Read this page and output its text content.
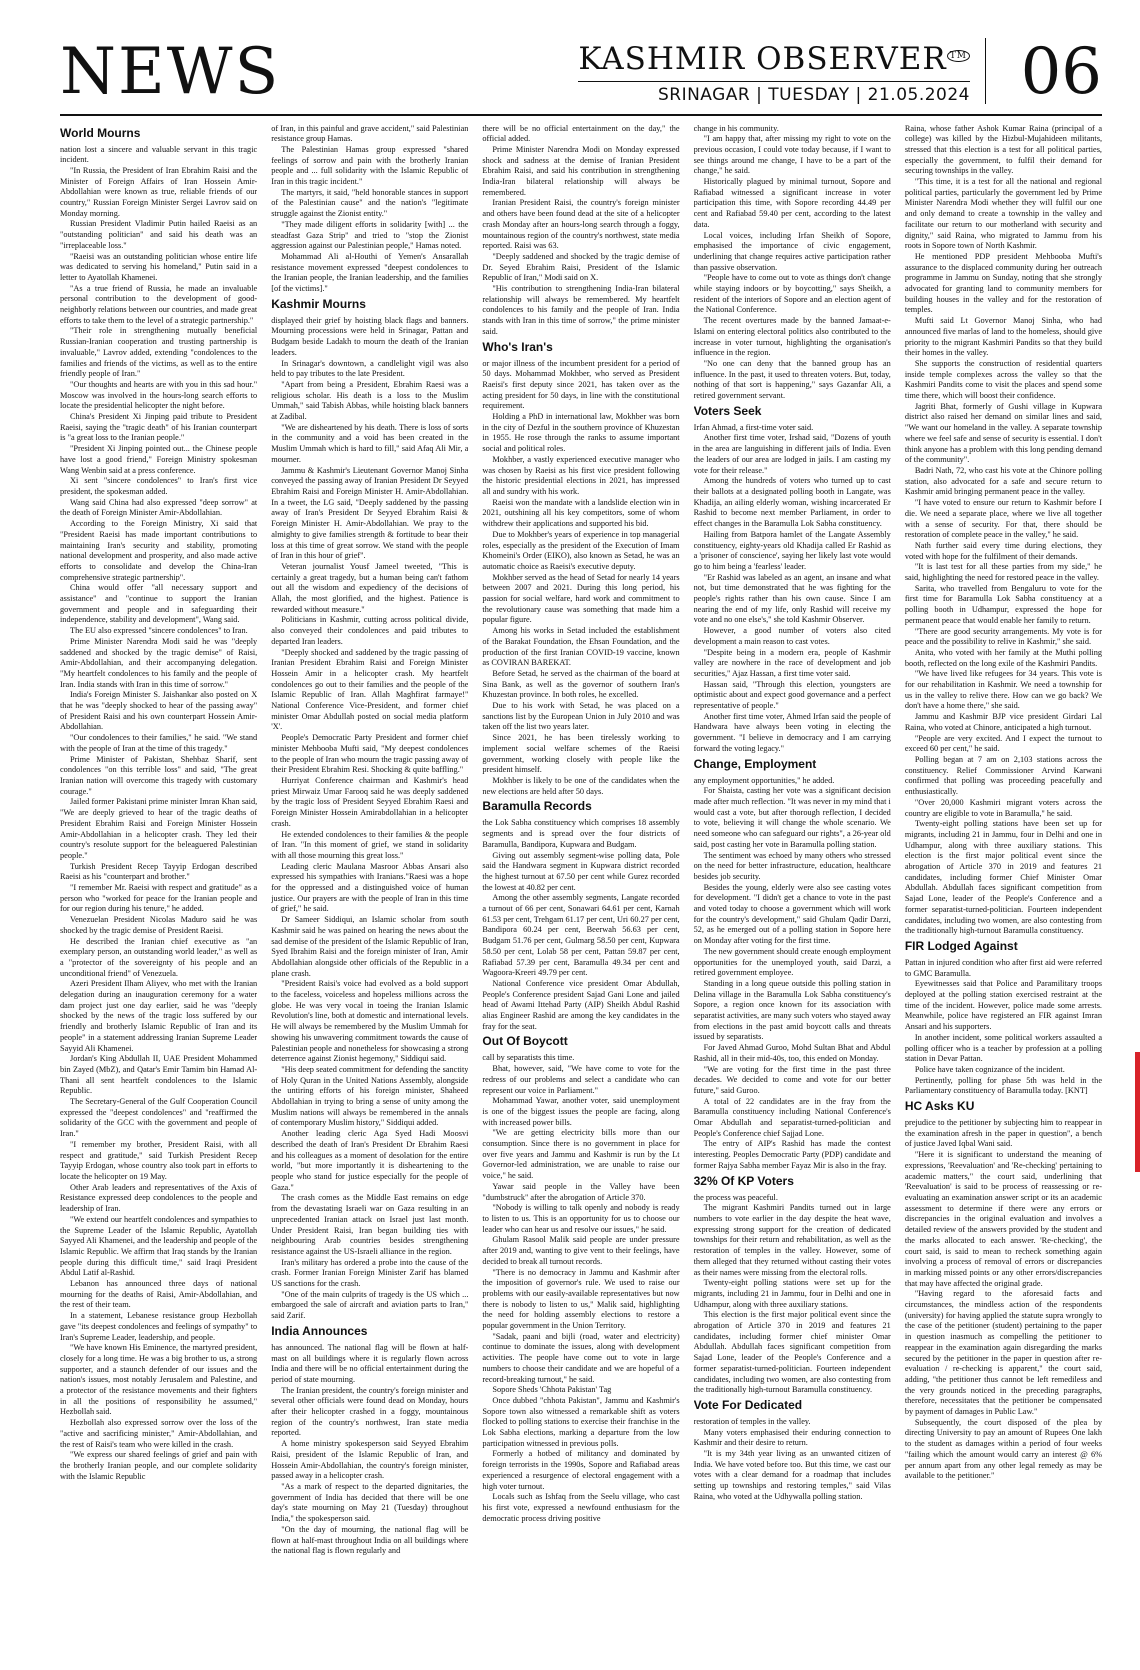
NEWS	KASHMIR OBSERVER ™
SRINAGAR | TUESDAY | 21.05.2024 06
World Mourns

nation lost a sincere and valuable servant in this tragic incident.

"In Russia, the President of Iran Ebrahim Raisi and the Minister of Foreign Affairs of Iran Hossein Amir-Abdollahian were known as true, reliable friends of our country," Russian Foreign Minister Sergei Lavrov said on Monday morning.

Russian President Vladimir Putin hailed Raeisi as an "outstanding politician" and said his death was an "irreplaceable loss."

"Raeisi was an outstanding politician whose entire life was dedicated to serving his homeland," Putin said in a letter to Ayatollah Khamenei.

"As a true friend of Russia, he made an invaluable personal contribution to the development of good-neighborly relations between our countries, and made great efforts to take them to the level of a strategic partnership."

"Their role in strengthening mutually beneficial Russian-Iranian cooperation and trusting partnership is invaluable," Lavrov added, extending "condolences to the families and friends of the victims, as well as to the entire friendly people of Iran."

"Our thoughts and hearts are with you in this sad hour." Moscow was involved in the hours-long search efforts to locate the presidential helicopter the night before.

China's President Xi Jinping paid tribute to President Raeisi, saying the "tragic death" of his Iranian counterpart is "a great loss to the Iranian people."

"President Xi Jinping pointed out... the Chinese people have lost a good friend," Foreign Ministry spokesman Wang Wenbin said at a press conference.

Xi sent "sincere condolences" to Iran's first vice president, the spokesman added.

Wang said China had also expressed "deep sorrow" at the death of Foreign Minister Amir-Abdollahian.

According to the Foreign Ministry, Xi said that "President Raeisi has made important contributions to maintaining Iran's security and stability, promoting national development and prosperity, and also made active efforts to consolidate and develop the China-Iran comprehensive strategic partnership".

China would offer "all necessary support and assistance" and "continue to support the Iranian government and people and in safeguarding their independence, stability and development", Wang said.

The EU also expressed "sincere condolences" to Iran.

Prime Minister Narendra Modi said he was "deeply saddened and shocked by the tragic demise" of Raisi, Amir-Abdollahian, and their accompanying delegation. "My heartfelt condolences to his family and the people of Iran. India stands with Iran in this time of sorrow."

India's Foreign Minister S. Jaishankar also posted on X that he was "deeply shocked to hear of the passing away" of President Raisi and his own counterpart Hossein Amir-Abdollahian.

"Our condolences to their families," he said. "We stand with the people of Iran at the time of this tragedy."

Prime Minister of Pakistan, Shehbaz Sharif, sent condolences "on this terrible loss" and said, "The great Iranian nation will overcome this tragedy with customary courage."

Jailed former Pakistani prime minister Imran Khan said, "We are deeply grieved to hear of the tragic deaths of President Ebrahim Raisi and Foreign Minister Hossein Amir-Abdollahian in a helicopter crash. They led their country's resolute support for the beleaguered Palestinian people."

Turkish President Recep Tayyip Erdogan described Raeisi as his "counterpart and brother."

"I remember Mr. Raeisi with respect and gratitude" as a person who "worked for peace for the Iranian people and for our region during his tenure," he added.

Venezuelan President Nicolas Maduro said he was shocked by the tragic demise of President Raeisi.

He described the Iranian chief executive as "an exemplary person, an outstanding world leader," as well as a "protector of the sovereignty of his people and an unconditional friend" of Venezuela.

Azeri President Ilham Aliyev, who met with the Iranian delegation during an inauguration ceremony for a water dam project just one day earlier, said he was "deeply shocked by the news of the tragic loss suffered by our friendly and brotherly Islamic Republic of Iran and its people" in a statement addressing Iranian Supreme Leader Sayyid Ali Khamenei.

Jordan's King Abdullah II, UAE President Mohammed bin Zayed (MbZ), and Qatar's Emir Tamim bin Hamad Al-Thani all sent heartfelt condolences to the Islamic Republic.

The Secretary-General of the Gulf Cooperation Council expressed the "deepest condolences" and "reaffirmed the solidarity of the GCC with the government and people of Iran."

"I remember my brother, President Raisi, with all respect and gratitude," said Turkish President Recep Tayyip Erdogan, whose country also took part in efforts to locate the helicopter on 19 May.

Other Arab leaders and representatives of the Axis of Resistance expressed deep condolences to the people and leadership of Iran.

"We extend our heartfelt condolences and sympathies to the Supreme Leader of the Islamic Republic, Ayatollah Sayyed Ali Khamenei, and the leadership and people of the Islamic Republic. We affirm that Iraq stands by the Iranian people during this difficult time," said Iraqi President Abdul Latif al-Rashid.

Lebanon has announced three days of national mourning for the deaths of Raisi, Amir-Abdollahian, and the rest of their team.

In a statement, Lebanese resistance group Hezbollah gave "its deepest condolences and feelings of sympathy" to Iran's Supreme Leader, leadership, and people.

"We have known His Eminence, the martyred president, closely for a long time. He was a big brother to us, a strong supporter, and a staunch defender of our issues and the nation's issues, most notably Jerusalem and Palestine, and a protector of the resistance movements and their fighters in all the positions of responsibility he assumed," Hezbollah said.

Hezbollah also expressed sorrow over the loss of the "active and sacrificing minister," Amir-Abdollahian, and the rest of Raisi's team who were killed in the crash.

"We express our shared feelings of grief and pain with the brotherly Iranian people, and our complete solidarity with the Islamic Republic

of Iran, in this painful and grave accident," said Palestinian resistance group Hamas.

The Palestinian Hamas group expressed "shared feelings of sorrow and pain with the brotherly Iranian people and ... full solidarity with the Islamic Republic of Iran in this tragic incident."

The martyrs, it said, "held honorable stances in support of the Palestinian cause" and the nation's "legitimate struggle against the Zionist entity."

"They made diligent efforts in solidarity [with] ... the steadfast Gaza Strip" and tried to "stop the Zionist aggression against our Palestinian people," Hamas noted.

Mohammad Ali al-Houthi of Yemen's Ansarallah resistance movement expressed "deepest condolences to the Iranian people, the Iranian leadership, and the families [of the victims]."

Kashmir Mourns

displayed their grief by hoisting black flags and banners. Mourning processions were held in Srinagar, Pattan and Budgam beside Ladakh to mourn the death of the Iranian leaders.

In Srinagar's downtown, a candlelight vigil was also held to pay tributes to the late President.

"Apart from being a President, Ebrahim Raesi was a religious scholar. His death is a loss to the Muslim Ummah," said Tabish Abbas, while hoisting black banners at Zadibal.

"We are disheartened by his death. There is loss of sorts in the community and a void has been created in the Muslim Ummah which is hard to fill," said Afaq Ali Mir, a mourner.

Jammu & Kashmir's Lieutenant Governor Manoj Sinha conveyed the passing away of Iranian President Dr Seyyed Ebrahim Raisi and Foreign Minister H. Amir-Abdollahian. In a tweet, the LG said, "Deeply saddened by the passing away of Iran's President Dr Seyyed Ebrahim Raisi & Foreign Minister H. Amir-Abdollahian. We pray to the almighty to give families strength & fortitude to bear their loss at this time of great sorrow. We stand with the people of Iran in this hour of grief".

Veteran journalist Yousf Jameel tweeted, "This is certainly a great tragedy, but a human being can't fathom out all the wisdom and expediency of the decisions of Allah, the most glorified, and the highest. Patience is rewarded without measure."

Politicians in Kashmir, cutting across political divide, also conveyed their condolences and paid tributes to departed Iran leaders.

"Deeply shocked and saddened by the tragic passing of Iranian President Ebrahim Raisi and Foreign Minister Hossein Amir in a helicopter crash. My heartfelt condolences go out to their families and the people of the Islamic Republic of Iran. Allah Maghfirat farmaye!" National Conference Vice-President, and former chief minister Omar Abdullah posted on social media platform 'X'.

People's Democratic Party President and former chief minister Mehbooba Mufti said, "My deepest condolences to the people of Iran who mourn the tragic passing away of their President Ebrahim Resi. Shocking & quite baffling."

Hurriyat Conference chairman and Kashmir's head priest Mirwaiz Umar Farooq said he was deeply saddened by the tragic loss of President Seyyed Ebrahim Raesi and Foreign Minister Hossein Amirabdollahian in a helicopter crash.

He extended condolences to their families & the people of Iran. "In this moment of grief, we stand in solidarity with all those mourning this great loss."

Leading cleric Maulana Masroor Abbas Ansari also expressed his sympathies with Iranians."Raesi was a hope for the oppressed and a distinguished voice of human justice. Our prayers are with the people of Iran in this time of grief," he said.

Dr Sameer Siddiqui, an Islamic scholar from south Kashmir said he was pained on hearing the news about the sad demise of the president of the Islamic Republic of Iran, Syed Ibrahim Raisi and the foreign minister of Iran, Amir Abdollahian alongside other officials of the Republic in a plane crash.

"President Raisi's voice had evolved as a bold support to the faceless, voiceless and hopeless millions across the globe. He was very vocal in toeing the Iranian Islamic Revolution's line, both at domestic and international levels. He will always be remembered by the Muslim Ummah for showing his unwavering commitment towards the cause of Palestinian people and nonetheless for showcasing a strong deterrence against Zionist hegemony," Siddiqui said.

"His deep seated commitment for defending the sanctity of Holy Quran in the United Nations Assembly, alongside the untiring efforts of his foreign minister, Shaheed Abdollahian in trying to bring a sense of unity among the Muslim nations will always be remembered in the annals of contemporary Muslim history," Siddiqui added.

Another leading cleric Aga Syed Hadi Moosvi described the death of Iran's President Dr Ebrahim Raesi and his colleagues as a moment of desolation for the entire world, "but more importantly it is disheartening to the people who stand for justice especially for the people of Gaza."

The crash comes as the Middle East remains on edge from the devastating Israeli war on Gaza resulting in an unprecedented Iranian attack on Israel just last month. Under President Raisi, Iran began building ties with neighbouring Arab countries besides strengthening resistance against the US-Israeli alliance in the region.

Iran's military has ordered a probe into the cause of the crash. Former Iranian Foreign Minister Zarif has blamed US sanctions for the crash.

"One of the main culprits of tragedy is the US which ... embargoed the sale of aircraft and aviation parts to Iran," said Zarif.

India Announces

has announced. The national flag will be flown at half-mast on all buildings where it is regularly flown across India and there will be no official entertainment during the period of state mourning.

The Iranian president, the country's foreign minister and several other officials were found dead on Monday, hours after their helicopter crashed in a foggy, mountainous region of the country's northwest, Iran state media reported.

A home ministry spokesperson said Seyyed Ebrahim Raisi, president of the Islamic Republic of Iran, and Hossein Amir-Abdollahian, the country's foreign minister, passed away in a helicopter crash.

"As a mark of respect to the departed dignitaries, the government of India has decided that there will be one day's state mourning on May 21 (Tuesday) throughout India," the spokesperson said.

"On the day of mourning, the national flag will be flown at half-mast throughout India on all buildings where the national flag is flown regularly and

there will be no official entertainment on the day," the official added.

Prime Minister Narendra Modi on Monday expressed shock and sadness at the demise of Iranian President Ebrahim Raisi, and said his contribution in strengthening India-Iran bilateral relationship will always be remembered.

Iranian President Raisi, the country's foreign minister and others have been found dead at the site of a helicopter crash Monday after an hours-long search through a foggy, mountainous region of the country's northwest, state media reported. Raisi was 63.

"Deeply saddened and shocked by the tragic demise of Dr. Seyed Ebrahim Raisi, President of the Islamic Republic of Iran," Modi said on X.

"His contribution to strengthening India-Iran bilateral relationship will always be remembered. My heartfelt condolences to his family and the people of Iran. India stands with Iran in this time of sorrow," the prime minister said.

Who's Iran's

or major illness of the incumbent president for a period of 50 days. Mohammad Mokhber, who served as President Raeisi's first deputy since 2021, has taken over as the acting president for 50 days, in line with the constitutional requirement.

Holding a PhD in international law, Mokhber was born in the city of Dezful in the southern province of Khuzestan in 1955. He rose through the ranks to assume important social and political roles.

Mokhber, a vastly experienced executive manager who was chosen by Raeisi as his first vice president following the historic presidential elections in 2021, has impressed all and sundry with his work.

Raeisi won the mandate with a landslide election win in 2021, outshining all his key competitors, some of whom withdrew their applications and supported his bid.

Due to Mokhber's years of experience in top managerial roles, especially as the president of the Execution of Imam Khomeini's Order (EIKO), also known as Setad, he was an automatic choice as Raeisi's executive deputy.

Mokhber served as the head of Setad for nearly 14 years between 2007 and 2021. During this long period, his passion for social welfare, hard work and commitment to the revolutionary cause was something that made him a popular figure.

Among his works in Setad included the establishment of the Barakat Foundation, the Ehsan Foundation, and the production of the first Iranian COVID-19 vaccine, known as COVIRAN BAREKAT.

Before Setad, he served as the chairman of the board at Sina Bank, as well as the governor of southern Iran's Khuzestan province. In both roles, he excelled.

Due to his work with Setad, he was placed on a sanctions list by the European Union in July 2010 and was taken off the list two years later.

Since 2021, he has been tirelessly working to implement social welfare schemes of the Raeisi government, working closely with people like the president himself.

Mokhber is likely to be one of the candidates when the new elections are held after 50 days.

Baramulla Records

the Lok Sabha constituency which comprises 18 assembly segments and is spread over the four districts of Baramulla, Bandipora, Kupwara and Budgam.

Giving out assembly segment-wise polling data, Pole said the Handwara segment in Kupwara district recorded the highest turnout at 67.50 per cent while Gurez recorded the lowest at 40.82 per cent.

Among the other assembly segments, Langate recorded a turnout of 66 per cent, Sonawari 64.61 per cent, Karnah 61.53 per cent, Trehgam 61.17 per cent, Uri 60.27 per cent, Bandipora 60.24 per cent, Beerwah 56.63 per cent, Budgam 51.76 per cent, Gulmarg 58.50 per cent, Kupwara 58.50 per cent, Lolab 58 per cent, Pattan 59.87 per cent, Rafiabad 57.39 per cent, Baramulla 49.34 per cent and Wagoora-Kreeri 49.79 per cent.

National Conference vice president Omar Abdullah, People's Conference president Sajad Gani Lone and jailed head of Awami Ittehad Party (AIP) Sheikh Abdul Rashid alias Engineer Rashid are among the key candidates in the fray for the seat.

Out Of Boycott

call by separatists this time.

Bhat, however, said, "We have come to vote for the redress of our problems and select a candidate who can represent our voice in Parliament."

Mohammad Yawar, another voter, said unemployment is one of the biggest issues the people are facing, along with increased power bills.

"We are getting electricity bills more than our consumption. Since there is no government in place for over five years and Jammu and Kashmir is run by the Lt Governor-led administration, we are unable to raise our voice," he said.

Yawar said people in the Valley have been "dumbstruck" after the abrogation of Article 370.

"Nobody is willing to talk openly and nobody is ready to listen to us. This is an opportunity for us to choose our leader who can hear us and resolve our issues," he said.

Ghulam Rasool Malik said people are under pressure after 2019 and, wanting to give vent to their feelings, have decided to break all turnout records.

"There is no democracy in Jammu and Kashmir after the imposition of governor's rule. We used to raise our problems with our easily-available representatives but now there is nobody to listen to us," Malik said, highlighting the need for holding assembly elections to restore a popular government in the Union Territory.

"Sadak, paani and bijli (road, water and electricity) continue to dominate the issues, along with development activities. The people have come out to vote in large numbers to choose their candidate and we are hopeful of a record-breaking turnout," he said.

Sopore Sheds 'Chhota Pakistan' Tag

Once dubbed "chhota Pakistan", Jammu and Kashmir's Sopore town also witnessed a remarkable shift as voters flocked to polling stations to exercise their franchise in the Lok Sabha elections, marking a departure from the low participation witnessed in previous polls.

Formerly a hotbed of militancy and dominated by foreign terrorists in the 1990s, Sopore and Rafiabad areas experienced a resurgence of electoral engagement with a high voter turnout.

Locals such as Ishfaq from the Seelu village, who cast his first vote, expressed a newfound enthusiasm for the democratic process driving positive

change in his community.

"I am happy that, after missing my right to vote on the previous occasion, I could vote today because, if I want to see things around me change, I have to be a part of the change," he said.

Historically plagued by minimal turnout, Sopore and Rafiabad witnessed a significant increase in voter participation this time, with Sopore recording 44.49 per cent and Rafiabad 59.40 per cent, according to the latest data.

Local voices, including Irfan Sheikh of Sopore, emphasised the importance of civic engagement, underlining that change requires active participation rather than passive observation.

"People have to come out to vote as things don't change while staying indoors or by boycotting," says Sheikh, a resident of the interiors of Sopore and an election agent of the National Conference.

The recent overtures made by the banned Jamaat-e-Islami on entering electoral politics also contributed to the increase in voter turnout, highlighting the organisation's influence in the region.

"No one can deny that the banned group has an influence. In the past, it used to threaten voters. But, today, nothing of that sort is happening," says Gazanfar Ali, a retired government servant.

Voters Seek

Irfan Ahmad, a first-time voter said.

Another first time voter, Irshad said, "Dozens of youth in the area are languishing in different jails of India. Even the leaders of our area are lodged in jails. I am casting my vote for their release."

Among the hundreds of voters who turned up to cast their ballots at a designated polling booth in Langate, was Khadija, an ailing elderly woman, wishing incarcerated Er Rashid to become next member Parliament, in order to effect changes in the Baramulla Lok Sabha constituency.

Hailing from Batpora hamlet of the Langate Assembly constituency, eighty-years old Khadija called Er Rashid as a 'prisoner of conscience', saying her likely last vote would go to him being a 'fearless' leader.

"Er Rashid was labeled as an agent, an insane and what not, but time demonstrated that he was fighting for the people's rights rather than his own cause. Since I am nearing the end of my life, only Rashid will receive my vote and no one else's," she told Kashmir Observer.

However, a good number of voters also cited development a main reason to cast votes.

"Despite being in a modern era, people of Kashmir valley are nowhere in the race of development and job securities," Ajaz Hassan, a first time voter said.

Hassan said, "Through this election, youngsters are optimistic about and expect good governance and a perfect representative of people."

Another first time voter, Ahmed Irfan said the people of Handwara have always been voting in electing the government. "I believe in democracy and I am carrying forward the voting legacy."

Change, Employment

any employment opportunities," he added.

For Shaista, casting her vote was a significant decision made after much reflection. "It was never in my mind that i would cast a vote, but after thorough reflection, I decided to vote, believing it will change the whole scenario. We need someone who can safeguard our rights", a 26-year old said, post casting her vote in Baramulla polling station.

The sentiment was echoed by many others who stressed on the need for better infrastructure, education, healthcare besides job security.

Besides the young, elderly were also see casting votes for development. "I didn't get a chance to vote in the past and voted today to choose a government which will work for the country's development," said Ghulam Qadir Darzi, 52, as he emerged out of a polling station in Sopore here on Monday after voting for the first time.

The new government should create enough employment opportunities for the unemployed youth, said Darzi, a retired government employee.

Standing in a long queue outside this polling station in Delina village in the Baramulla Lok Sabha constituency's Sopore, a region once known for its association with separatist activities, are many such voters who stayed away from elections in the past amid boycott calls and threats issued by separatists.

For Javed Ahmad Guroo, Mohd Sultan Bhat and Abdul Rashid, all in their mid-40s, too, this ended on Monday.

"We are voting for the first time in the past three decades. We decided to come and vote for our better future," said Guroo.

A total of 22 candidates are in the fray from the Baramulla constituency including National Conference's Omar Abdullah and separatist-turned-politician and People's Conference chief Sajjad Lone.

The entry of AIP's Rashid has made the contest interesting. Peoples Democratic Party (PDP) candidate and former Rajya Sabha member Fayaz Mir is also in the fray.

32% Of KP Voters

the process was peaceful.

The migrant Kashmiri Pandits turned out in large numbers to vote earlier in the day despite the heat wave, expressing strong support for the creation of dedicated townships for their return and rehabilitation, as well as the restoration of temples in the valley. However, some of them alleged that they returned without casting their votes as their names were missing from the electoral rolls.

Twenty-eight polling stations were set up for the migrants, including 21 in Jammu, four in Delhi and one in Udhampur, along with three auxiliary stations.

This election is the first major political event since the abrogation of Article 370 in 2019 and features 21 candidates, including former chief minister Omar Abdullah. Abdullah faces significant competition from Sajad Lone, leader of the People's Conference and a former separatist-turned-politician. Fourteen independent candidates, including two women, are also contesting from the traditionally high-turnout Baramulla constituency.

Vote For Dedicated

restoration of temples in the valley.

Many voters emphasised their enduring connection to Kashmir and their desire to return.

"It is my 34th year living as an unwanted citizen of India. We have voted before too. But this time, we cast our votes with a clear demand for a roadmap that includes setting up townships and restoring temples," said Vilas Raina, who voted at the Udhywalla polling station.

Raina, whose father Ashok Kumar Raina (principal of a college) was killed by the Hizbul-Mujahideen militants, stressed that this election is a test for all political parties, especially the government, to fulfil their demand for securing townships in the valley.

"This time, it is a test for all the national and regional political parties, particularly the government led by Prime Minister Narendra Modi whether they will fulfil our one and only demand to create a township in the valley and facilitate our return to our motherland with security and dignity," said Raina, who migrated to Jammu from his roots in Sopore town of North Kashmir.

He mentioned PDP president Mehbooba Mufti's assurance to the displaced community during her outreach programme in Jammu on Sunday, noting that she strongly advocated for granting land to community members for building houses in the valley and for the restoration of temples.

Mufti said Lt Governor Manoj Sinha, who had announced five marlas of land to the homeless, should give priority to the migrant Kashmiri Pandits so that they build their homes in the valley.

She supports the construction of residential quarters inside temple complexes across the valley so that the Kashmiri Pandits come to visit the places and spend some time there, which will boost their confidence.

Jagriti Bhat, formerly of Gushi village in Kupwara district also raised her demand on similar lines and said, "We want our homeland in the valley. A separate township where we feel safe and sense of security is essential. I don't think anyone has a problem with this long pending demand of the community".

Badri Nath, 72, who cast his vote at the Chinore polling station, also advocated for a safe and secure return to Kashmir amid bringing permanent peace in the valley.

"I have voted to ensure our return to Kashmir before I die. We need a separate place, where we live all together with a sense of security. For that, there should be restoration of complete peace in the valley," he said.

Nath further said every time during elections, they voted with hope for the fulfilment of their demands.

"It is last test for all these parties from my side," he said, highlighting the need for restored peace in the valley.

Sarita, who travelled from Bengaluru to vote for the first time for Baramulla Lok Sabha constituency at a polling booth in Udhampur, expressed the hope for permanent peace that would enable her family to return.

"There are good security arrangements. My vote is for peace and the possibility to relive in Kashmir," she said.

Anita, who voted with her family at the Muthi polling booth, reflected on the long exile of the Kashmiri Pandits.

"We have lived like refugees for 34 years. This vote is for our rehabilitation in Kashmir. We need a township for us in the valley to relive there. How can we go back? We don't have a home there," she said.

Jammu and Kashmir BJP vice president Girdari Lal Raina, who voted at Chinore, anticipated a high turnout.

"People are very excited. And I expect the turnout to exceed 60 per cent," he said.

Polling began at 7 am on 2,103 stations across the constituency. Relief Commissioner Arvind Karwani confirmed that polling was proceeding peacefully and enthusiastically.

"Over 20,000 Kashmiri migrant voters across the country are eligible to vote in Baramulla," he said.

Twenty-eight polling stations have been set up for migrants, including 21 in Jammu, four in Delhi and one in Udhampur, along with three auxiliary stations. This election is the first major political event since the abrogation of Article 370 in 2019 and features 21 candidates, including former Chief Minister Omar Abdullah. Abdullah faces significant competition from Sajad Lone, leader of the People's Conference and a former separatist-turned-politician. Fourteen independent candidates, including two women, are also contesting from the traditionally high-turnout Baramulla constituency.

FIR Lodged Against

Pattan in injured condition who after first aid were referred to GMC Baramulla.

Eyewitnesses said that Police and Paramilitary troops deployed at the polling station exercised restraint at the time of the incident. However, police made some arrests. Meanwhile, police have registered an FIR against Imran Ansari and his supporters.

In another incident, some political workers assaulted a polling officer who is a teacher by profession at a polling station in Devar Pattan.

Police have taken cognizance of the incident.

Pertinently, polling for phase 5th was held in the Parliamentary constituency of Baramulla today. [KNT]

HC Asks KU

prejudice to the petitioner by subjecting him to reappear in the examination afresh in the paper in question", a bench of justice Javed Iqbal Wani said.

"Here it is significant to understand the meaning of expressions, 'Reevaluation' and 'Re-checking' pertaining to academic matters," the court said, underlining that 'Reevaluation' is said to be process of reassessing or re-evaluating an examination answer script or its an academic assessment to determine if there were any errors or discrepancies in the original evaluation and involves a detailed review of the answers provided by the student and the marks allocated to each answer. 'Re-checking', the court said, is said to mean to recheck something again involving a process of removal of errors or discrepancies in marking missed points or any other errors/discrepancies that may have affected the original grade.

"Having regard to the aforesaid facts and circumstances, the mindless action of the respondents (university) for having applied the statute supra wrongly to the case of the petitioner (student) pertaining to the paper in question inasmuch as compelling the petitioner to reappear in the examination again disregarding the marks secured by the petitioner in the paper in question after re-evaluation / re-checking is apparent," the court said, adding, "the petitioner thus cannot be left remediless and the very grounds noticed in the preceding paragraphs, therefore, necessitates that the petitioner be compensated by payment of damages in Public Law."

Subsequently, the court disposed of the plea by directing University to pay an amount of Rupees One lakh to the student as damages within a period of four weeks "failing which the amount would carry an interest @ 6% per annum apart from any other legal remedy as may be available to the petitioner."
